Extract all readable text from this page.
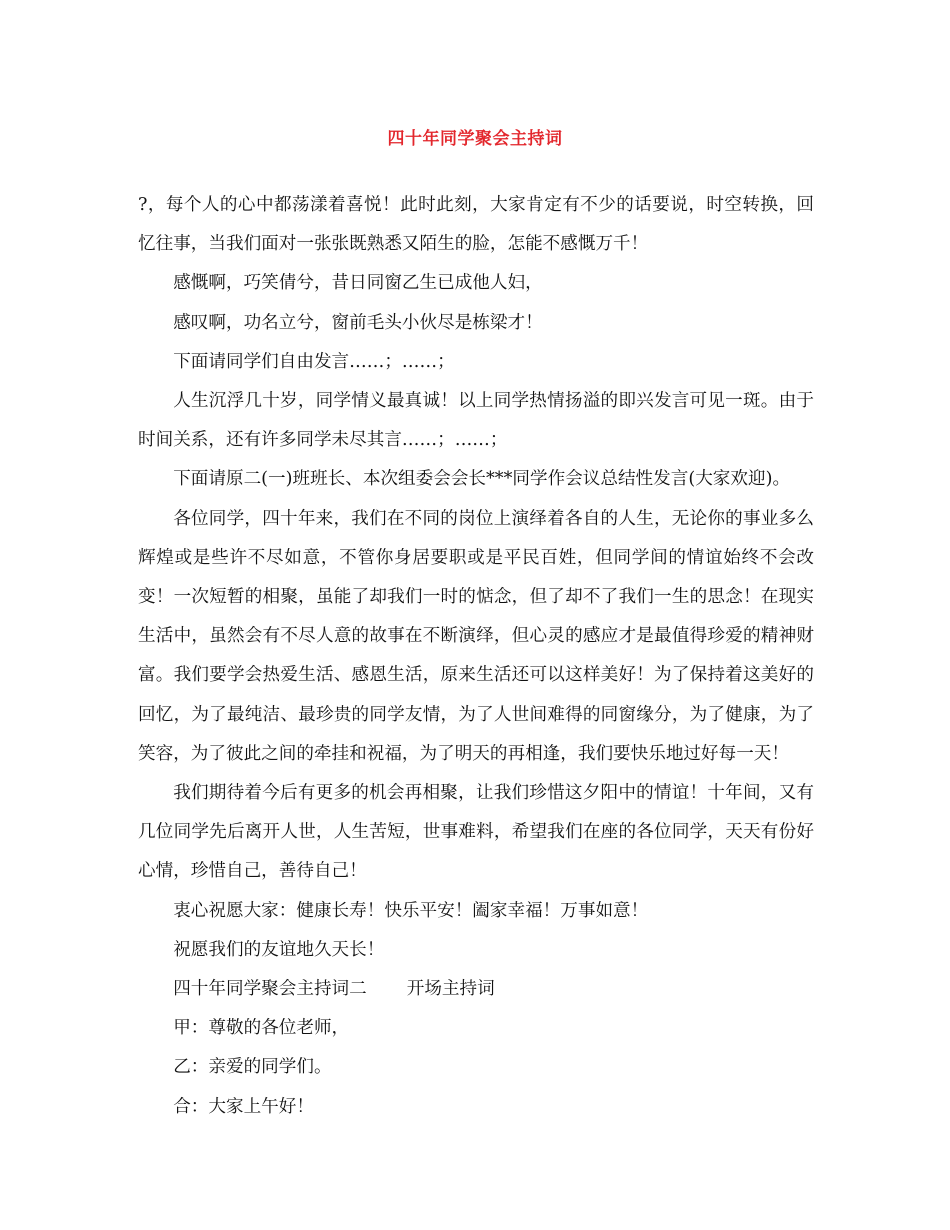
四十年同学聚会主持词

?，每个人的心中都荡漾着喜悦！此时此刻，大家肯定有不少的话要说，时空转换，回忆往事，当我们面对一张张既熟悉又陌生的脸，怎能不感慨万千！

感慨啊，巧笑倩兮，昔日同窗乙生已成他人妇，

感叹啊，功名立兮，窗前毛头小伙尽是栋梁才！

下面请同学们自由发言……；……；

人生沉浮几十岁，同学情义最真诚！以上同学热情扬溢的即兴发言可见一斑。由于时间关系，还有许多同学未尽其言……；……；

下面请原二(一)班班长、本次组委会会长***同学作会议总结性发言(大家欢迎)。

各位同学，四十年来，我们在不同的岗位上演绎着各自的人生，无论你的事业多么辉煌或是些许不尽如意，不管你身居要职或是平民百姓，但同学间的情谊始终不会改变！一次短暂的相聚，虽能了却我们一时的惦念，但了却不了我们一生的思念！在现实生活中，虽然会有不尽人意的故事在不断演绎，但心灵的感应才是最值得珍爱的精神财富。我们要学会热爱生活、感恩生活，原来生活还可以这样美好！为了保持着这美好的回忆，为了最纯洁、最珍贵的同学友情，为了人世间难得的同窗缘分，为了健康，为了笑容，为了彼此之间的牵挂和祝福，为了明天的再相逢，我们要快乐地过好每一天！

我们期待着今后有更多的机会再相聚，让我们珍惜这夕阳中的情谊！十年间，又有几位同学先后离开人世，人生苦短，世事难料，希望我们在座的各位同学，天天有份好心情，珍惜自己，善待自己！

衷心祝愿大家：健康长寿！快乐平安！阖家幸福！万事如意！

祝愿我们的友谊地久天长！

四十年同学聚会主持词二 开场主持词

甲：尊敬的各位老师，

乙：亲爱的同学们。

合：大家上午好！
